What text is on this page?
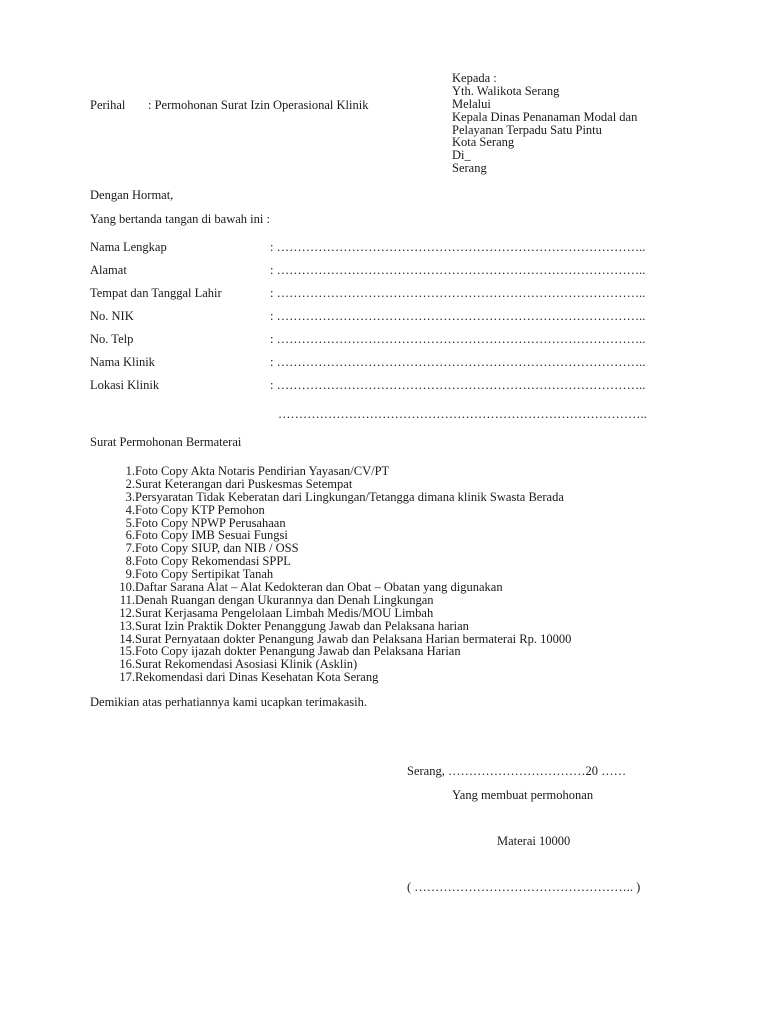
Kepada :
Yth. Walikota Serang
Melalui
Kepala Dinas Penanaman Modal dan
Pelayanan Terpadu Satu Pintu
Kota Serang
Di_
Serang
Perihal : Permohonan Surat Izin Operasional Klinik
Dengan Hormat,
Yang bertanda tangan di bawah ini :
Nama Lengkap	: ……………………………………………………………………………..
Alamat	: ……………………………………………………………………………..
Tempat dan Tanggal Lahir	: ……………………………………………………………………………..
No. NIK	: ……………………………………………………………………………..
No. Telp	: ……………………………………………………………………………..
Nama Klinik	: ……………………………………………………………………………..
Lokasi Klinik	: ……………………………………………………………………………..
……………………………………………………………………………..
Surat Permohonan Bermaterai
1. Foto Copy Akta Notaris Pendirian Yayasan/CV/PT
2. Surat Keterangan dari Puskesmas Setempat
3. Persyaratan Tidak Keberatan dari Lingkungan/Tetangga dimana klinik Swasta Berada
4. Foto Copy KTP Pemohon
5. Foto Copy NPWP Perusahaan
6. Foto Copy IMB Sesuai Fungsi
7. Foto Copy SIUP, dan NIB / OSS
8. Foto Copy Rekomendasi SPPL
9. Foto Copy Sertipikat Tanah
10. Daftar Sarana Alat – Alat Kedokteran dan Obat – Obatan yang digunakan
11. Denah Ruangan dengan Ukurannya dan Denah Lingkungan
12. Surat Kerjasama Pengelolaan Limbah Medis/MOU Limbah
13. Surat Izin Praktik Dokter Penanggung Jawab dan Pelaksana harian
14. Surat Pernyataan dokter Penangung Jawab dan Pelaksana Harian bermaterai Rp. 10000
15. Foto Copy ijazah dokter Penangung Jawab dan Pelaksana Harian
16. Surat Rekomendasi Asosiasi Klinik (Asklin)
17. Rekomendasi dari Dinas Kesehatan Kota Serang
Demikian atas perhatiannya kami ucapkan terimakasih.
Serang, ……………………………20 ……
Yang membuat permohonan
Materai 10000
( …………………………………………….. )
